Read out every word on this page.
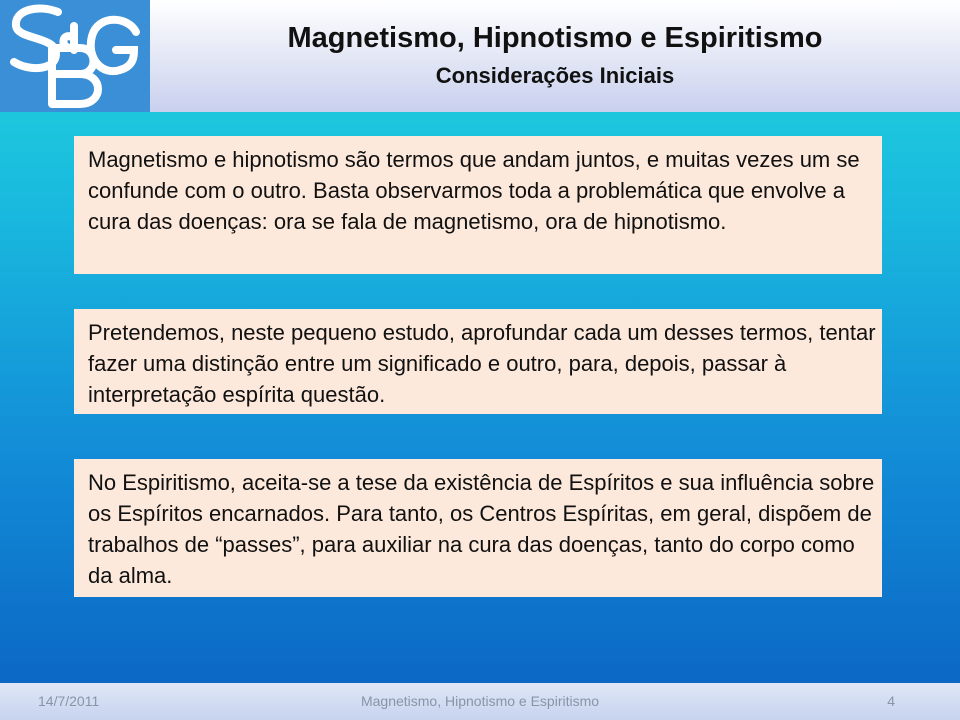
Magnetismo, Hipnotismo e Espiritismo
Considerações Iniciais
Magnetismo e hipnotismo são termos que andam juntos, e muitas vezes um se confunde com o outro. Basta observarmos toda a problemática que envolve a cura das doenças: ora se fala de magnetismo, ora de hipnotismo.
Pretendemos, neste pequeno estudo, aprofundar cada um desses termos, tentar fazer uma distinção entre um significado e outro, para, depois, passar à interpretação espírita questão.
No Espiritismo, aceita-se a tese da existência de Espíritos e sua influência sobre os Espíritos encarnados. Para tanto, os Centros Espíritas, em geral, dispõem de trabalhos de “passes”, para auxiliar na cura das doenças, tanto do corpo como da alma.
Magnetismo, Hipnotismo e Espiritismo
14/7/2011	4
